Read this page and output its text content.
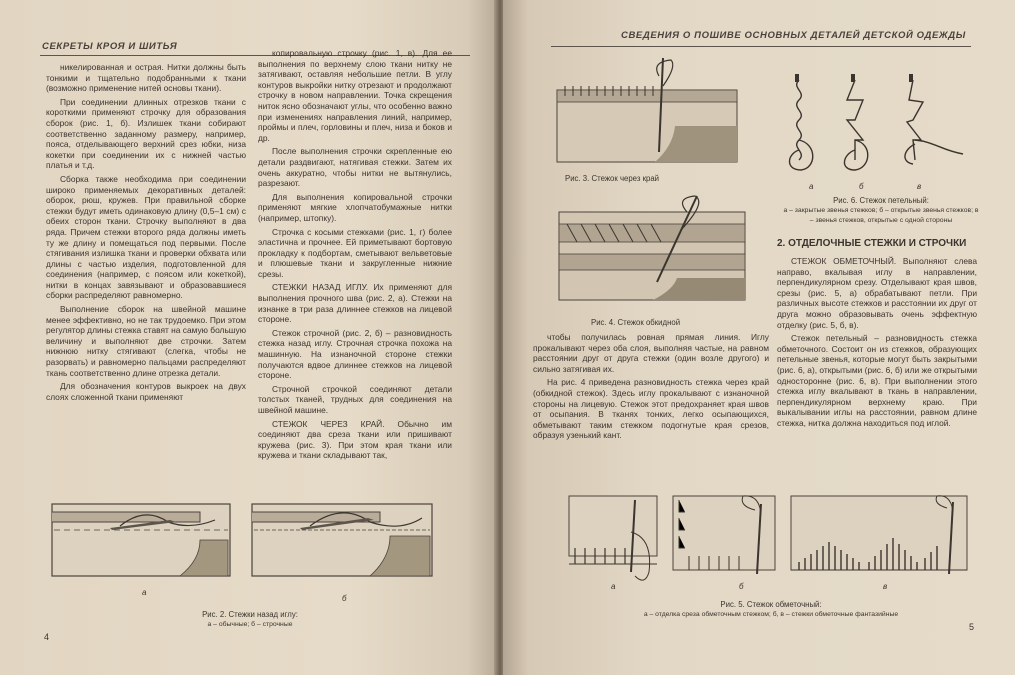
СЕКРЕТЫ КРОЯ И ШИТЬЯ

никелированная и острая. Нитки должны быть тонкими и тщательно подобранными к ткани (возможно применение нитей основы ткани).

При соединении длинных отрезков ткани с короткими применяют строчку для образования сборок (рис. 1, б). Излишек ткани собирают соответственно заданному размеру, например, пояса, отделывающего верхний срез юбки, низа кокетки при соединении их с нижней частью платья и т.д.

Сборка также необходима при соединении широко применяемых декоративных деталей: оборок, рюш, кружев. При правильной сборке стежки будут иметь одинаковую длину (0,5–1 см) с обеих сторон ткани. Строчку выполняют в два ряда. Причем стежки второго ряда должны иметь ту же длину и помещаться под первыми. После стягивания излишка ткани и проверки обхвата или длины с частью изделия, подготовленной для соединения (например, с поясом или кокеткой), нитки в концах завязывают и образовавшиеся сборки распределяют равномерно.

Выполнение сборок на швейной машине менее эффективно, но не так трудоемко. При этом регулятор длины стежка ставят на самую большую величину и выполняют две строчки. Затем нижнюю нитку стягивают (слегка, чтобы не разорвать) и равномерно пальцами распределяют ткань соответственно длине отрезка детали.

Для обозначения контуров выкроек на двух слоях сложенной ткани применяют

копировальную строчку (рис. 1, в). Для ее выполнения по верхнему слою ткани нитку не затягивают, оставляя небольшие петли. В углу контуров выкройки нитку отрезают и продолжают строчку в новом направлении. Точка скрещения ниток ясно обозначают углы, что особенно важно при изменениях направления линий, например, проймы и плеч, горловины и плеч, низа и боков и др.

После выполнения строчки скрепленные ею детали раздвигают, натягивая стежки. Затем их очень аккуратно, чтобы нитки не вытянулись, разрезают.

Для выполнения копировальной строчки применяют мягкие хлопчатобумажные нитки (например, штопку).

Строчка с косыми стежками (рис. 1, г) более эластична и прочнее. Ей приметывают бортовую прокладку к подбортам, сметывают вельветовые и плюшевые ткани и закругленные нижние срезы.

СТЕЖКИ НАЗАД ИГЛУ. Их применяют для выполнения прочного шва (рис. 2, а). Стежки на изнанке в три раза длиннее стежков на лицевой стороне.

Стежок строчной (рис. 2, б) – разновидность стежка назад иглу. Строчная строчка похожа на машинную. На изнаночной стороне стежки получаются вдвое длиннее стежков на лицевой стороне.

Строчной строчкой соединяют детали толстых тканей, трудных для соединения на швейной машине.

СТЕЖОК ЧЕРЕЗ КРАЙ. Обычно им соединяют два среза ткани или пришивают кружева (рис. 3). При этом края ткани или кружева и ткани складывают так,

а
б
Рис. 2. Стежки назад иглу:
а – обычные; б – строчные
4
СВЕДЕНИЯ О ПОШИВЕ ОСНОВНЫХ ДЕТАЛЕЙ ДЕТСКОЙ ОДЕЖДЫ
Рис. 3. Стежок через край
Рис. 4. Стежок обкидной
а	б	в
Рис. 6. Стежок петельный:
а – закрытые звенья стежков; б – открытые звенья стежков; в – звенья стежков, открытые с одной стороны

чтобы получилась ровная прямая линия. Иглу прокалывают через оба слоя, выполняя частые, на равном расстоянии друг от друга стежки (один возле другого) и сильно затягивая их.

На рис. 4 приведена разновидность стежка через край (обкидной стежок). Здесь иглу прокалывают с изнаночной стороны на лицевую. Стежок этот предохраняет края швов от осыпания. В тканях тонких, легко осыпающихся, обметывают таким стежком подогнутые края срезов, образуя узенький кант.

2. ОТДЕЛОЧНЫЕ СТЕЖКИ И СТРОЧКИ

СТЕЖОК ОБМЕТОЧНЫЙ. Выполняют слева направо, вкалывая иглу в направлении, перпендикулярном срезу. Отделывают края швов, срезы (рис. 5, а) обрабатывают петли. При различных высоте стежков и расстоянии их друг от друга можно образовывать очень эффектную отделку (рис. 5, б, в).

Стежок петельный – разновидность стежка обметочного. Состоит он из стежков, образующих петельные звенья, которые могут быть закрытыми (рис. 6, а), открытыми (рис. 6, б) или же открытыми односторонне (рис. 6, в). При выполнении этого стежка иглу вкалывают в ткань в направлении, перпендикулярном верхнему краю. При выкалывании иглы на расстоянии, равном длине стежка, нитка должна находиться под иглой.

а	б	в
Рис. 5. Стежок обметочный:
а – отделка среза обметочным стежком; б, в – стежки обметочные фантазийные
5
